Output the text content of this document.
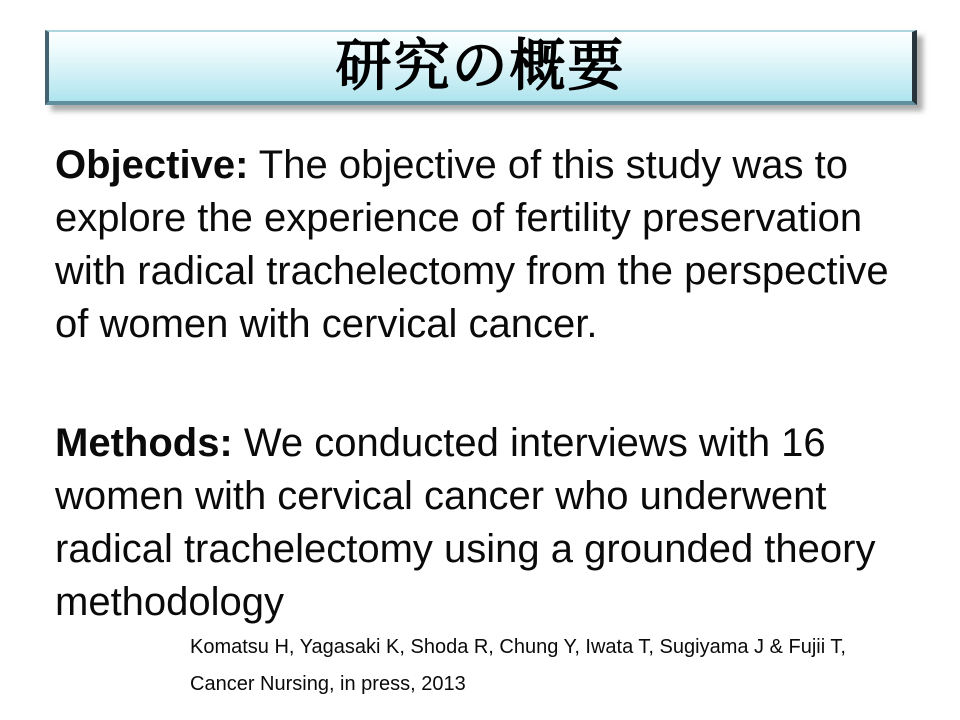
研究の概要
Objective: The objective of this study was to
explore the experience of fertility preservation
with radical trachelectomy from the perspective
of women with cervical cancer.
Methods: We conducted interviews with 16
women with cervical cancer who underwent
radical trachelectomy using a grounded theory
methodology
Komatsu H, Yagasaki K, Shoda R, Chung Y, Iwata T, Sugiyama J & Fujii T,
Cancer Nursing, in press, 2013
